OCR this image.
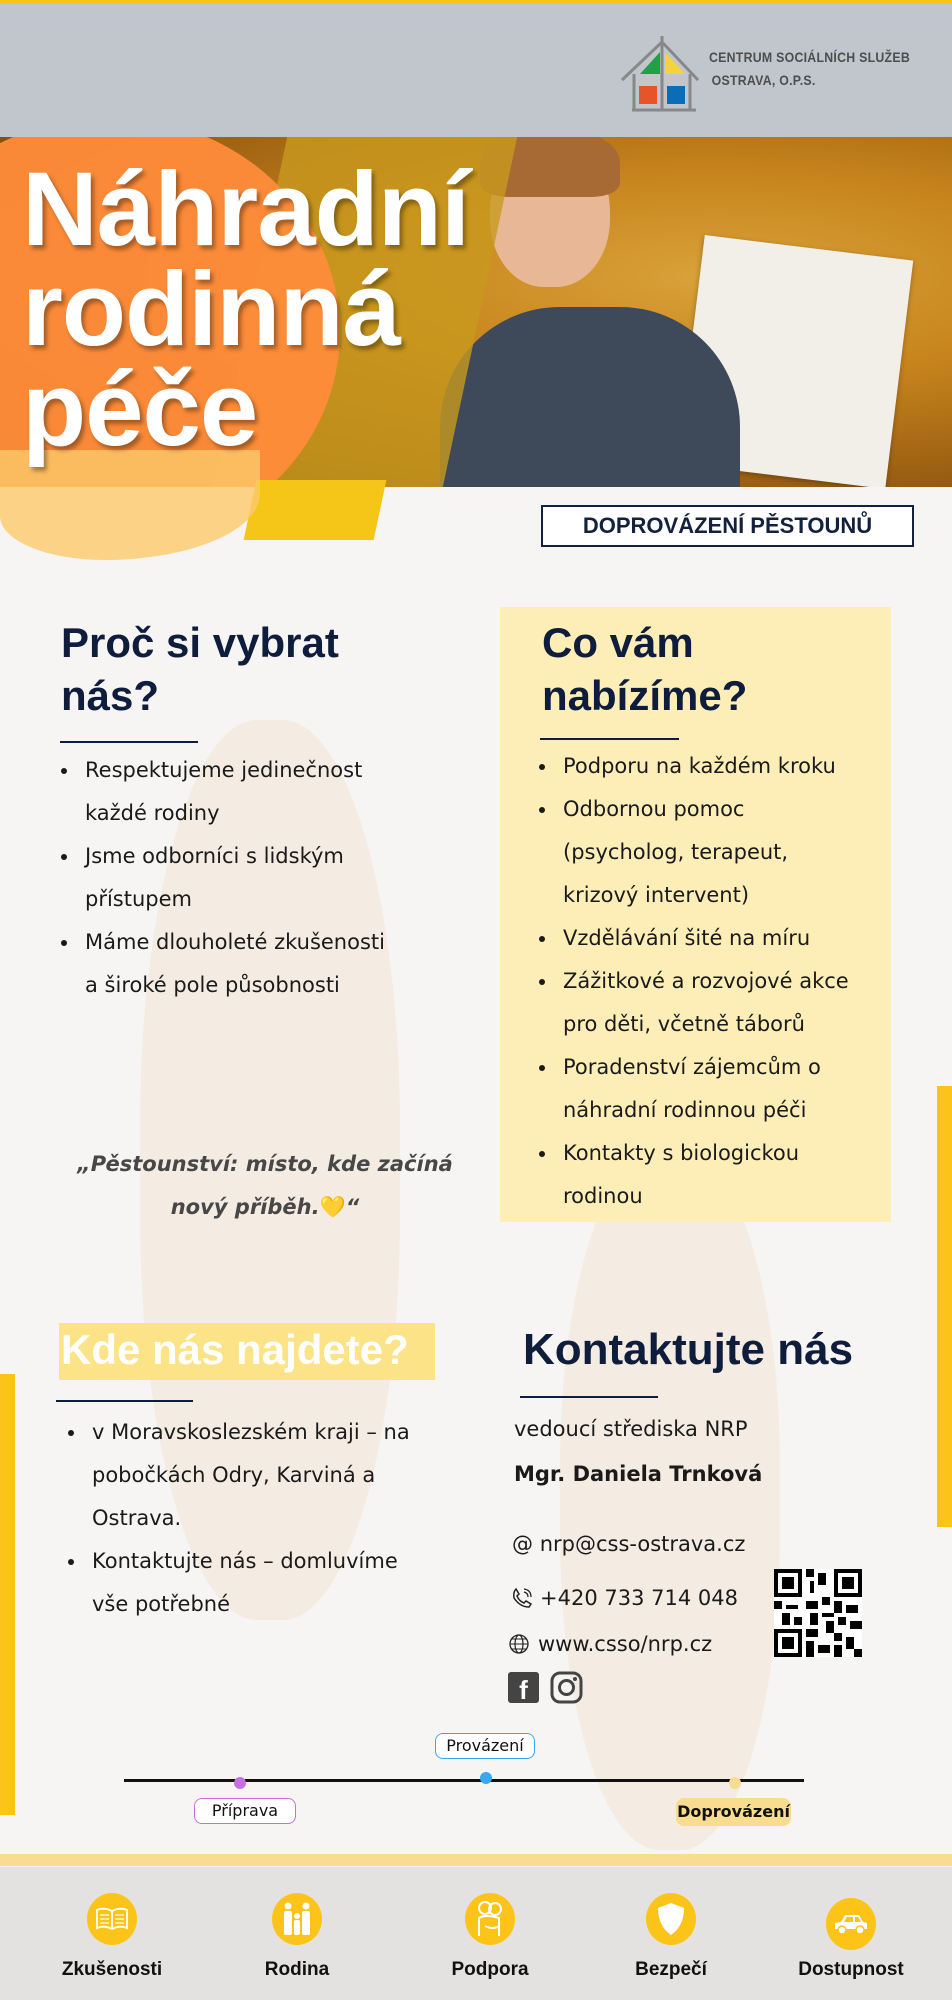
CENTRUM SOCIÁLNÍCH SLUŽEB
OSTRAVA, O.P.S.
Náhradní
rodinná
péče
DOPROVÁZENÍ PĚSTOUNŮ
Proč si vybrat
nás?
Respektujeme jedinečnost
každé rodiny
Jsme odborníci s lidským
přístupem
Máme dlouholeté zkušenosti
a široké pole působnosti
Co vám
nabízíme?
Podporu na každém kroku
Odbornou pomoc
(psycholog, terapeut,
krizový intervent)
Vzdělávání šité na míru
Zážitkové a rozvojové akce
pro děti, včetně táborů
Poradenství zájemcům o
náhradní rodinnou péči
Kontakty s biologickou
rodinou
„Pěstounství: místo, kde začíná
nový příběh.💛“
Kde nás najdete?
v Moravskoslezském kraji – na
pobočkách Odry, Karviná a
Ostrava.
Kontaktujte nás – domluvíme
vše potřebné
Kontaktujte nás
vedoucí střediska NRP
Mgr. Daniela Trnková
@ nrp@css-ostrava.cz
+420 733 714 048
www.csso/nrp.cz
f
Provázení
Příprava	Doprovázení
Zkušenosti	Rodina	Podpora	Bezpečí	Dostupnost
